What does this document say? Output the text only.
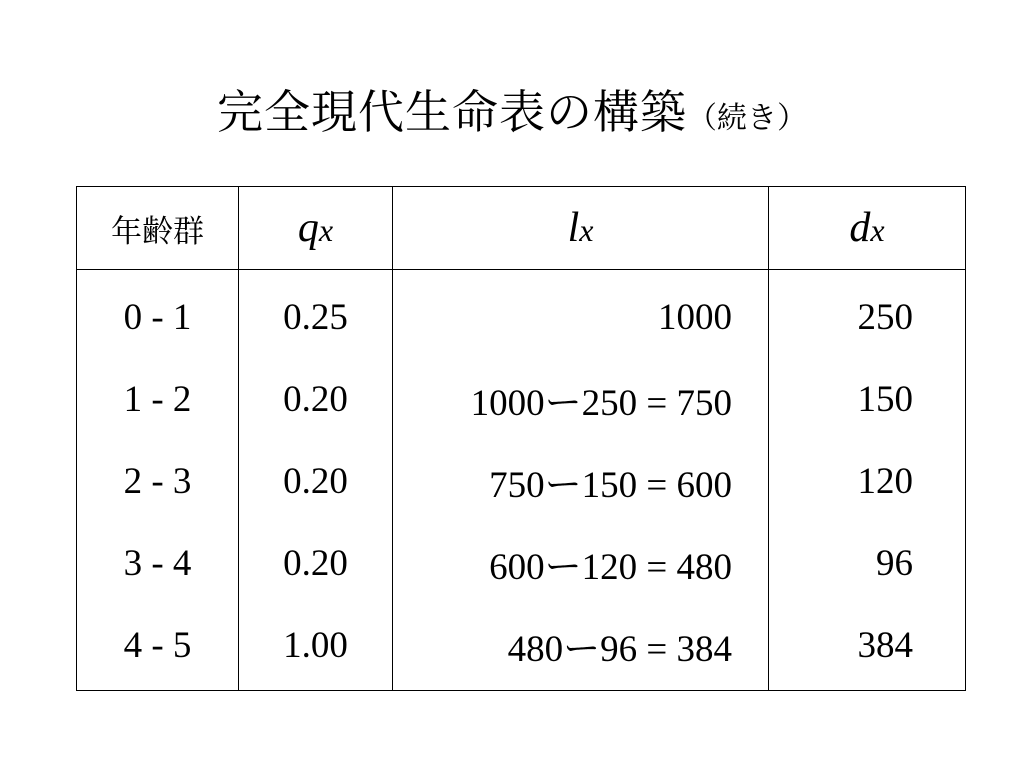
完全現代生命表の構築（続き）
年齢群	qx	lx	dx
0 - 1	0.25	1000	250
1 - 2	0.20	1000ー250 = 750	150
2 - 3	0.20	750ー150 = 600	120
3 - 4	0.20	600ー120 = 480	96
4 - 5	1.00	480ー96 = 384	384
